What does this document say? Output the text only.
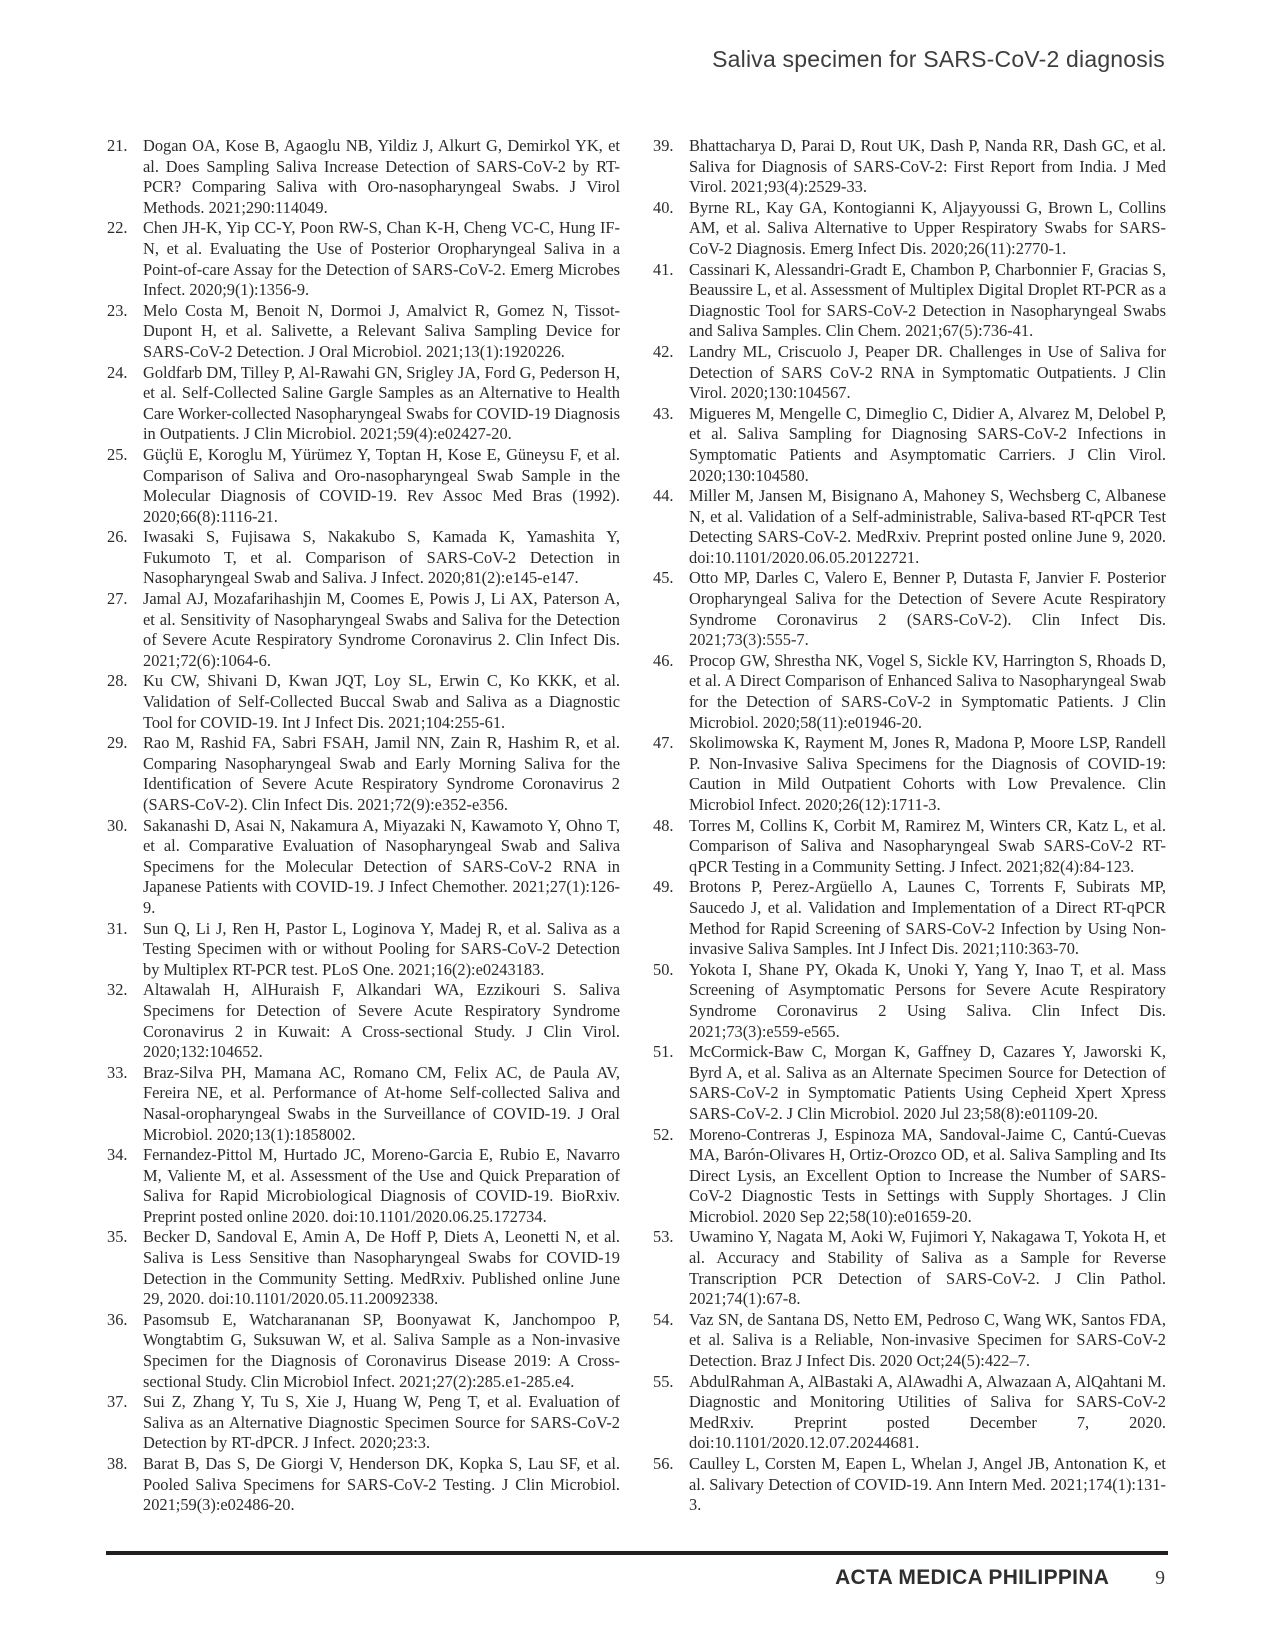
Saliva specimen for SARS-CoV-2 diagnosis
21. Dogan OA, Kose B, Agaoglu NB, Yildiz J, Alkurt G, Demirkol YK, et al. Does Sampling Saliva Increase Detection of SARS-CoV-2 by RT-PCR? Comparing Saliva with Oro-nasopharyngeal Swabs. J Virol Methods. 2021;290:114049.
22. Chen JH-K, Yip CC-Y, Poon RW-S, Chan K-H, Cheng VC-C, Hung IF-N, et al. Evaluating the Use of Posterior Oropharyngeal Saliva in a Point-of-care Assay for the Detection of SARS-CoV-2. Emerg Microbes Infect. 2020;9(1):1356-9.
23. Melo Costa M, Benoit N, Dormoi J, Amalvict R, Gomez N, Tissot-Dupont H, et al. Salivette, a Relevant Saliva Sampling Device for SARS-CoV-2 Detection. J Oral Microbiol. 2021;13(1):1920226.
24. Goldfarb DM, Tilley P, Al-Rawahi GN, Srigley JA, Ford G, Pederson H, et al. Self-Collected Saline Gargle Samples as an Alternative to Health Care Worker-collected Nasopharyngeal Swabs for COVID-19 Diagnosis in Outpatients. J Clin Microbiol. 2021;59(4):e02427-20.
25. Güçlü E, Koroglu M, Yürümez Y, Toptan H, Kose E, Güneysu F, et al. Comparison of Saliva and Oro-nasopharyngeal Swab Sample in the Molecular Diagnosis of COVID-19. Rev Assoc Med Bras (1992). 2020;66(8):1116-21.
26. Iwasaki S, Fujisawa S, Nakakubo S, Kamada K, Yamashita Y, Fukumoto T, et al. Comparison of SARS-CoV-2 Detection in Nasopharyngeal Swab and Saliva. J Infect. 2020;81(2):e145-e147.
27. Jamal AJ, Mozafarihashjin M, Coomes E, Powis J, Li AX, Paterson A, et al. Sensitivity of Nasopharyngeal Swabs and Saliva for the Detection of Severe Acute Respiratory Syndrome Coronavirus 2. Clin Infect Dis. 2021;72(6):1064-6.
28. Ku CW, Shivani D, Kwan JQT, Loy SL, Erwin C, Ko KKK, et al. Validation of Self-Collected Buccal Swab and Saliva as a Diagnostic Tool for COVID-19. Int J Infect Dis. 2021;104:255-61.
29. Rao M, Rashid FA, Sabri FSAH, Jamil NN, Zain R, Hashim R, et al. Comparing Nasopharyngeal Swab and Early Morning Saliva for the Identification of Severe Acute Respiratory Syndrome Coronavirus 2 (SARS-CoV-2). Clin Infect Dis. 2021;72(9):e352-e356.
30. Sakanashi D, Asai N, Nakamura A, Miyazaki N, Kawamoto Y, Ohno T, et al. Comparative Evaluation of Nasopharyngeal Swab and Saliva Specimens for the Molecular Detection of SARS-CoV-2 RNA in Japanese Patients with COVID-19. J Infect Chemother. 2021;27(1):126-9.
31. Sun Q, Li J, Ren H, Pastor L, Loginova Y, Madej R, et al. Saliva as a Testing Specimen with or without Pooling for SARS-CoV-2 Detection by Multiplex RT-PCR test. PLoS One. 2021;16(2):e0243183.
32. Altawalah H, AlHuraish F, Alkandari WA, Ezzikouri S. Saliva Specimens for Detection of Severe Acute Respiratory Syndrome Coronavirus 2 in Kuwait: A Cross-sectional Study. J Clin Virol. 2020;132:104652.
33. Braz-Silva PH, Mamana AC, Romano CM, Felix AC, de Paula AV, Fereira NE, et al. Performance of At-home Self-collected Saliva and Nasal-oropharyngeal Swabs in the Surveillance of COVID-19. J Oral Microbiol. 2020;13(1):1858002.
34. Fernandez-Pittol M, Hurtado JC, Moreno-Garcia E, Rubio E, Navarro M, Valiente M, et al. Assessment of the Use and Quick Preparation of Saliva for Rapid Microbiological Diagnosis of COVID-19. BioRxiv. Preprint posted online 2020. doi:10.1101/2020.06.25.172734.
35. Becker D, Sandoval E, Amin A, De Hoff P, Diets A, Leonetti N, et al. Saliva is Less Sensitive than Nasopharyngeal Swabs for COVID-19 Detection in the Community Setting. MedRxiv. Published online June 29, 2020. doi:10.1101/2020.05.11.20092338.
36. Pasomsub E, Watcharananan SP, Boonyawat K, Janchompoo P, Wongtabtim G, Suksuwan W, et al. Saliva Sample as a Non-invasive Specimen for the Diagnosis of Coronavirus Disease 2019: A Cross-sectional Study. Clin Microbiol Infect. 2021;27(2):285.e1-285.e4.
37. Sui Z, Zhang Y, Tu S, Xie J, Huang W, Peng T, et al. Evaluation of Saliva as an Alternative Diagnostic Specimen Source for SARS-CoV-2 Detection by RT-dPCR. J Infect. 2020;23:3.
38. Barat B, Das S, De Giorgi V, Henderson DK, Kopka S, Lau SF, et al. Pooled Saliva Specimens for SARS-CoV-2 Testing. J Clin Microbiol. 2021;59(3):e02486-20.
39. Bhattacharya D, Parai D, Rout UK, Dash P, Nanda RR, Dash GC, et al. Saliva for Diagnosis of SARS-CoV-2: First Report from India. J Med Virol. 2021;93(4):2529-33.
40. Byrne RL, Kay GA, Kontogianni K, Aljayyoussi G, Brown L, Collins AM, et al. Saliva Alternative to Upper Respiratory Swabs for SARS-CoV-2 Diagnosis. Emerg Infect Dis. 2020;26(11):2770-1.
41. Cassinari K, Alessandri-Gradt E, Chambon P, Charbonnier F, Gracias S, Beaussire L, et al. Assessment of Multiplex Digital Droplet RT-PCR as a Diagnostic Tool for SARS-CoV-2 Detection in Nasopharyngeal Swabs and Saliva Samples. Clin Chem. 2021;67(5):736-41.
42. Landry ML, Criscuolo J, Peaper DR. Challenges in Use of Saliva for Detection of SARS CoV-2 RNA in Symptomatic Outpatients. J Clin Virol. 2020;130:104567.
43. Migueres M, Mengelle C, Dimeglio C, Didier A, Alvarez M, Delobel P, et al. Saliva Sampling for Diagnosing SARS-CoV-2 Infections in Symptomatic Patients and Asymptomatic Carriers. J Clin Virol. 2020;130:104580.
44. Miller M, Jansen M, Bisignano A, Mahoney S, Wechsberg C, Albanese N, et al. Validation of a Self-administrable, Saliva-based RT-qPCR Test Detecting SARS-CoV-2. MedRxiv. Preprint posted online June 9, 2020. doi:10.1101/2020.06.05.20122721.
45. Otto MP, Darles C, Valero E, Benner P, Dutasta F, Janvier F. Posterior Oropharyngeal Saliva for the Detection of Severe Acute Respiratory Syndrome Coronavirus 2 (SARS-CoV-2). Clin Infect Dis. 2021;73(3):555-7.
46. Procop GW, Shrestha NK, Vogel S, Sickle KV, Harrington S, Rhoads D, et al. A Direct Comparison of Enhanced Saliva to Nasopharyngeal Swab for the Detection of SARS-CoV-2 in Symptomatic Patients. J Clin Microbiol. 2020;58(11):e01946-20.
47. Skolimowska K, Rayment M, Jones R, Madona P, Moore LSP, Randell P. Non-Invasive Saliva Specimens for the Diagnosis of COVID-19: Caution in Mild Outpatient Cohorts with Low Prevalence. Clin Microbiol Infect. 2020;26(12):1711-3.
48. Torres M, Collins K, Corbit M, Ramirez M, Winters CR, Katz L, et al. Comparison of Saliva and Nasopharyngeal Swab SARS-CoV-2 RT-qPCR Testing in a Community Setting. J Infect. 2021;82(4):84-123.
49. Brotons P, Perez-Argüello A, Launes C, Torrents F, Subirats MP, Saucedo J, et al. Validation and Implementation of a Direct RT-qPCR Method for Rapid Screening of SARS-CoV-2 Infection by Using Non-invasive Saliva Samples. Int J Infect Dis. 2021;110:363-70.
50. Yokota I, Shane PY, Okada K, Unoki Y, Yang Y, Inao T, et al. Mass Screening of Asymptomatic Persons for Severe Acute Respiratory Syndrome Coronavirus 2 Using Saliva. Clin Infect Dis. 2021;73(3):e559-e565.
51. McCormick-Baw C, Morgan K, Gaffney D, Cazares Y, Jaworski K, Byrd A, et al. Saliva as an Alternate Specimen Source for Detection of SARS-CoV-2 in Symptomatic Patients Using Cepheid Xpert Xpress SARS-CoV-2. J Clin Microbiol. 2020 Jul 23;58(8):e01109-20.
52. Moreno-Contreras J, Espinoza MA, Sandoval-Jaime C, Cantú-Cuevas MA, Barón-Olivares H, Ortiz-Orozco OD, et al. Saliva Sampling and Its Direct Lysis, an Excellent Option to Increase the Number of SARS-CoV-2 Diagnostic Tests in Settings with Supply Shortages. J Clin Microbiol. 2020 Sep 22;58(10):e01659-20.
53. Uwamino Y, Nagata M, Aoki W, Fujimori Y, Nakagawa T, Yokota H, et al. Accuracy and Stability of Saliva as a Sample for Reverse Transcription PCR Detection of SARS-CoV-2. J Clin Pathol. 2021;74(1):67-8.
54. Vaz SN, de Santana DS, Netto EM, Pedroso C, Wang WK, Santos FDA, et al. Saliva is a Reliable, Non-invasive Specimen for SARS-CoV-2 Detection. Braz J Infect Dis. 2020 Oct;24(5):422–7.
55. AbdulRahman A, AlBastaki A, AlAwadhi A, Alwazaan A, AlQahtani M. Diagnostic and Monitoring Utilities of Saliva for SARS-CoV-2 MedRxiv. Preprint posted December 7, 2020. doi:10.1101/2020.12.07.20244681.
56. Caulley L, Corsten M, Eapen L, Whelan J, Angel JB, Antonation K, et al. Salivary Detection of COVID-19. Ann Intern Med. 2021;174(1):131-3.
ACTA MEDICA PHILIPPINA 9
